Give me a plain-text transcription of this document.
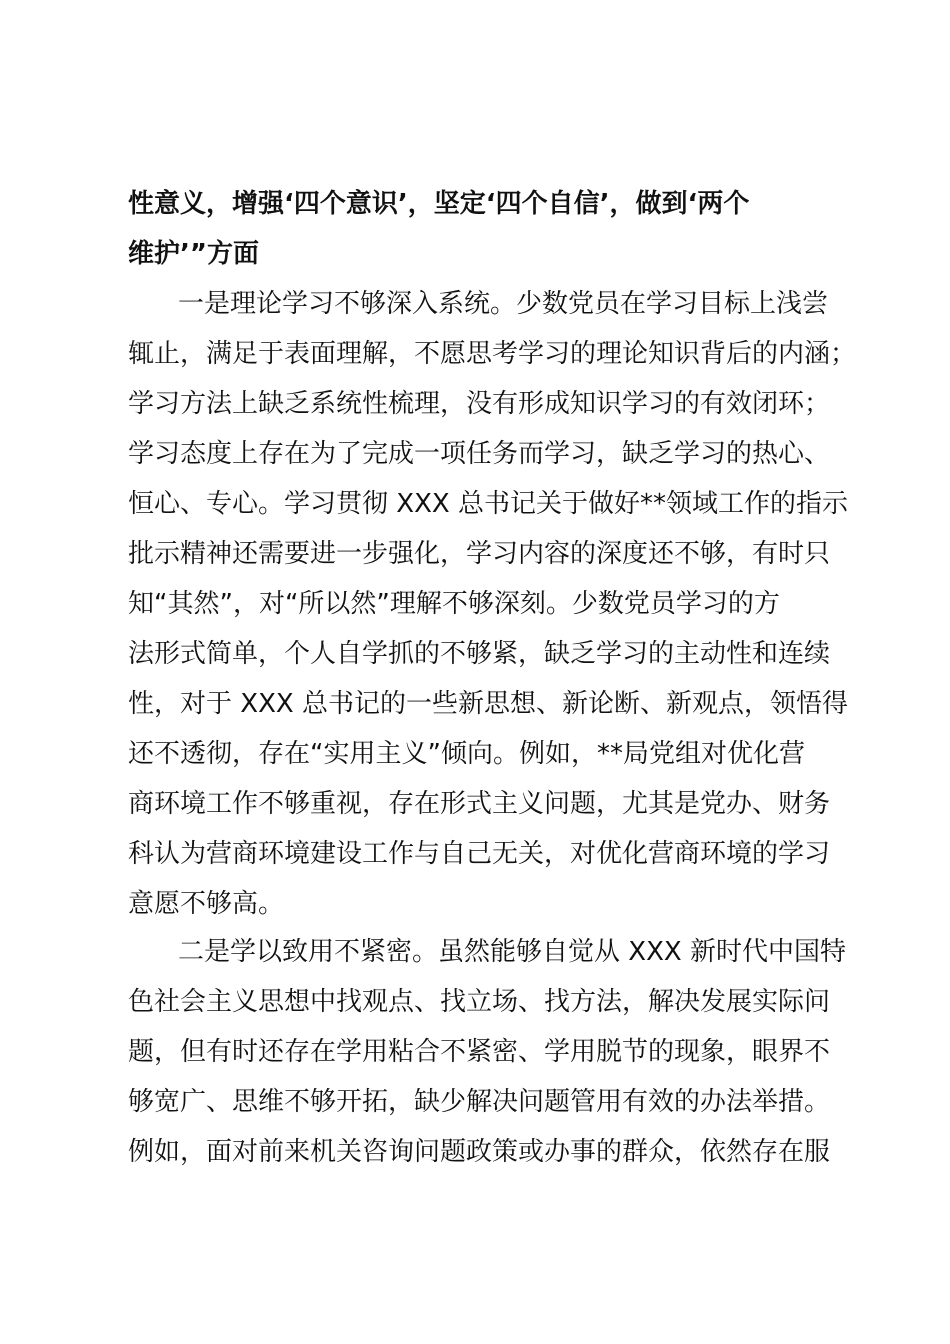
性意义，增强‘四个意识’，坚定‘四个自信’，做到‘两个
维护’”方面
一是理论学习不够深入系统。少数党员在学习目标上浅尝
辄止，满足于表面理解，不愿思考学习的理论知识背后的内涵；
学习方法上缺乏系统性梳理，没有形成知识学习的有效闭环；
学习态度上存在为了完成一项任务而学习，缺乏学习的热心、
恒心、专心。学习贯彻 XXX 总书记关于做好**领域工作的指示
批示精神还需要进一步强化，学习内容的深度还不够，有时只
知“其然”，对“所以然”理解不够深刻。少数党员学习的方
法形式简单，个人自学抓的不够紧，缺乏学习的主动性和连续
性，对于 XXX 总书记的一些新思想、新论断、新观点，领悟得
还不透彻，存在“实用主义”倾向。例如，**局党组对优化营
商环境工作不够重视，存在形式主义问题，尤其是党办、财务
科认为营商环境建设工作与自己无关，对优化营商环境的学习
意愿不够高。
二是学以致用不紧密。虽然能够自觉从 XXX 新时代中国特
色社会主义思想中找观点、找立场、找方法，解决发展实际问
题，但有时还存在学用粘合不紧密、学用脱节的现象，眼界不
够宽广、思维不够开拓，缺少解决问题管用有效的办法举措。
例如，面对前来机关咨询问题政策或办事的群众，依然存在服
